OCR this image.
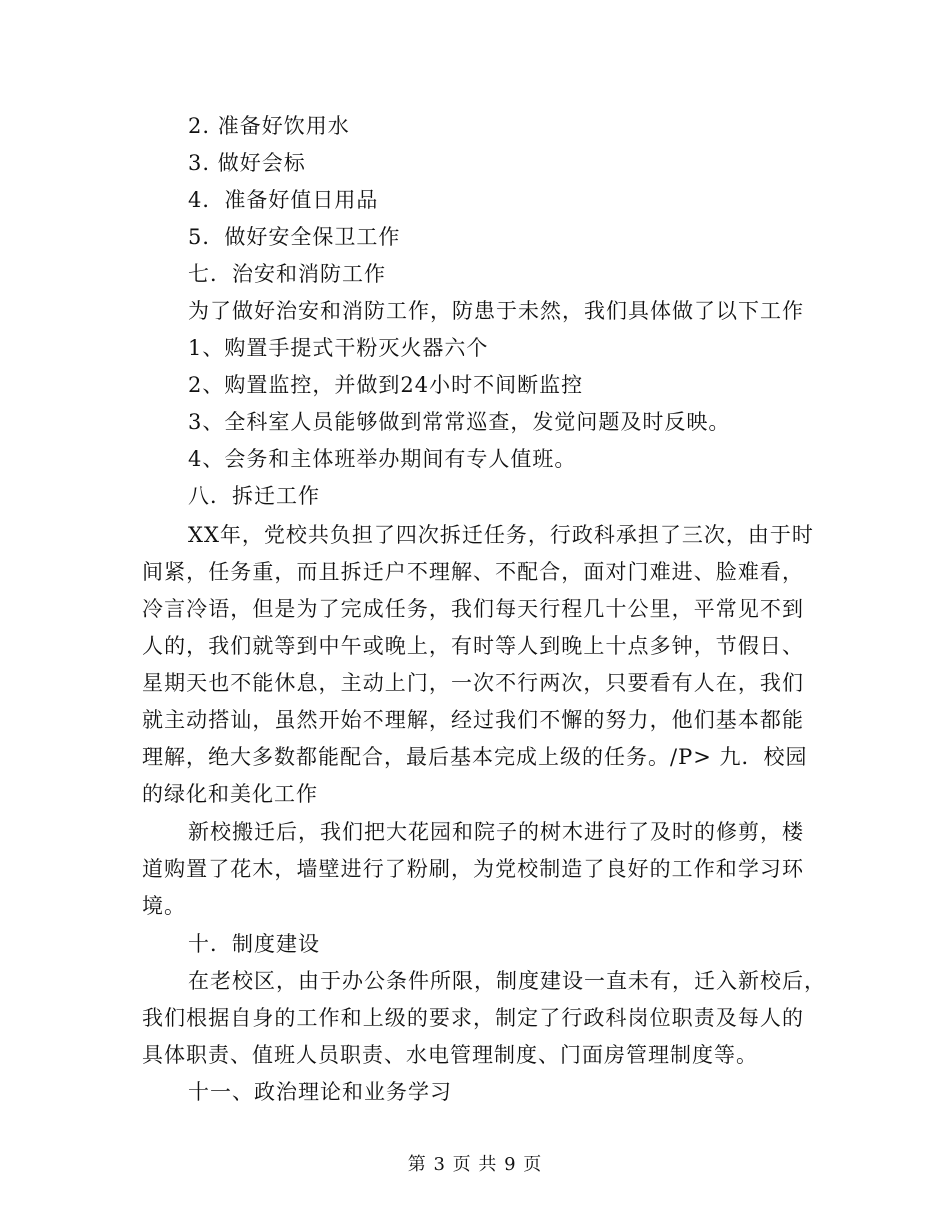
2. 准备好饮用水
3. 做好会标
4．准备好值日用品
5．做好安全保卫工作
七．治安和消防工作
为了做好治安和消防工作，防患于未然，我们具体做了以下工作
1、购置手提式干粉灭火器六个
2、购置监控，并做到24小时不间断监控
3、全科室人员能够做到常常巡查，发觉问题及时反映。
4、会务和主体班举办期间有专人值班。
八．拆迁工作
XX年，党校共负担了四次拆迁任务，行政科承担了三次，由于时
间紧，任务重，而且拆迁户不理解、不配合，面对门难进、脸难看，
冷言冷语，但是为了完成任务，我们每天行程几十公里，平常见不到
人的，我们就等到中午或晚上，有时等人到晚上十点多钟，节假日、
星期天也不能休息，主动上门，一次不行两次，只要看有人在，我们
就主动搭讪，虽然开始不理解，经过我们不懈的努力，他们基本都能
理解，绝大多数都能配合，最后基本完成上级的任务。/P> 九．校园
的绿化和美化工作
新校搬迁后，我们把大花园和院子的树木进行了及时的修剪，楼
道购置了花木，墙壁进行了粉刷，为党校制造了良好的工作和学习环
境。
十．制度建设
在老校区，由于办公条件所限，制度建设一直未有，迁入新校后，
我们根据自身的工作和上级的要求，制定了行政科岗位职责及每人的
具体职责、值班人员职责、水电管理制度、门面房管理制度等。
十一、政治理论和业务学习
第 3 页 共 9 页
